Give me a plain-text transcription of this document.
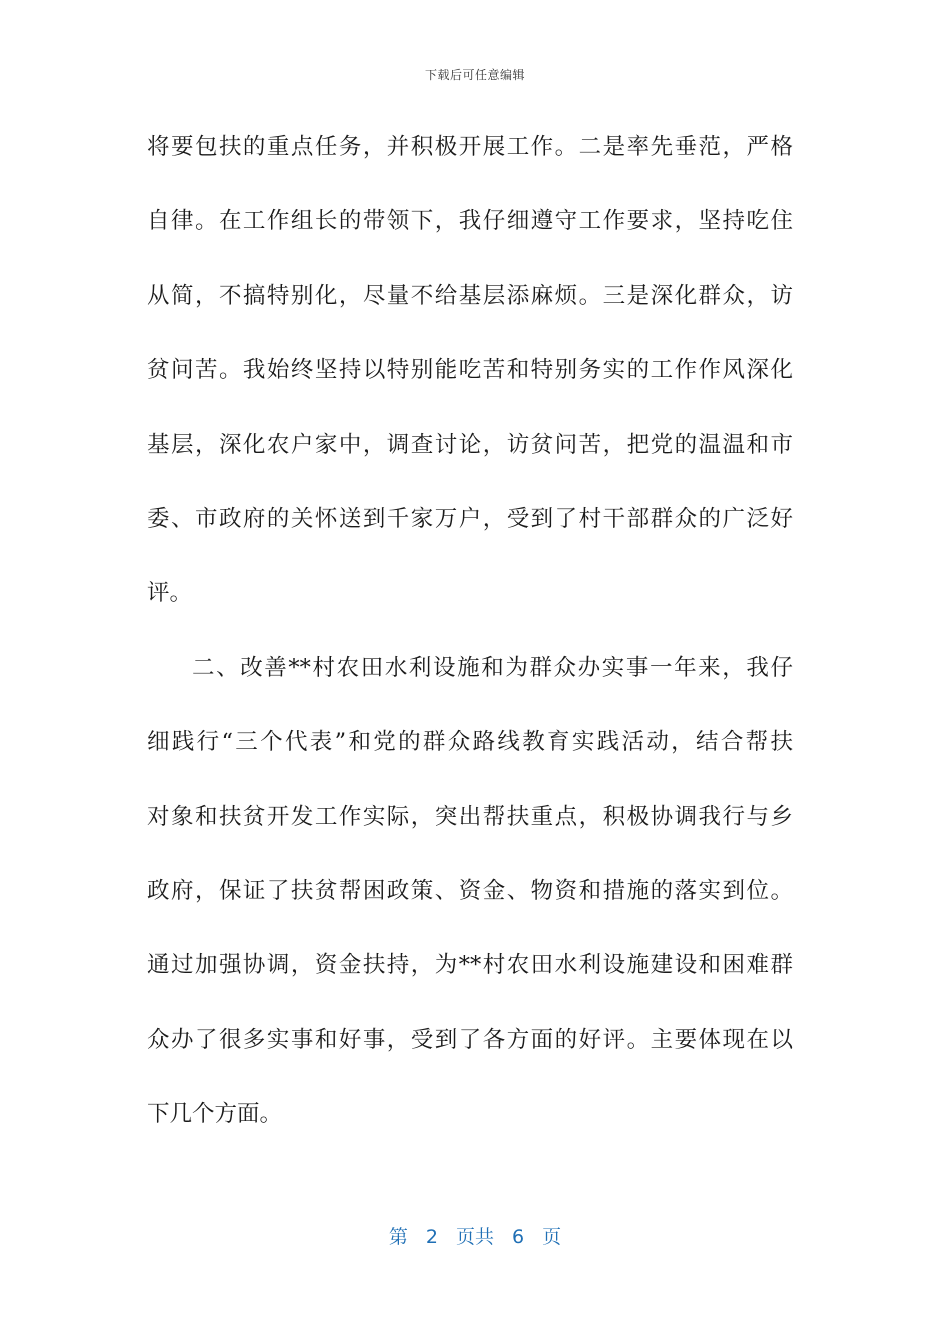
下载后可任意编辑
将要包扶的重点任务，并积极开展工作。二是率先垂范，严格
自律。在工作组长的带领下，我仔细遵守工作要求，坚持吃住
从简，不搞特别化，尽量不给基层添麻烦。三是深化群众，访
贫问苦。我始终坚持以特别能吃苦和特别务实的工作作风深化
基层，深化农户家中，调查讨论，访贫问苦，把党的温温和市
委、市政府的关怀送到千家万户，受到了村干部群众的广泛好
评。
二、改善**村农田水利设施和为群众办实事一年来，我仔
细践行“三个代表”和党的群众路线教育实践活动，结合帮扶
对象和扶贫开发工作实际，突出帮扶重点，积极协调我行与乡
政府，保证了扶贫帮困政策、资金、物资和措施的落实到位。
通过加强协调，资金扶持，为**村农田水利设施建设和困难群
众办了很多实事和好事，受到了各方面的好评。主要体现在以
下几个方面。
第 2 页共 6 页
